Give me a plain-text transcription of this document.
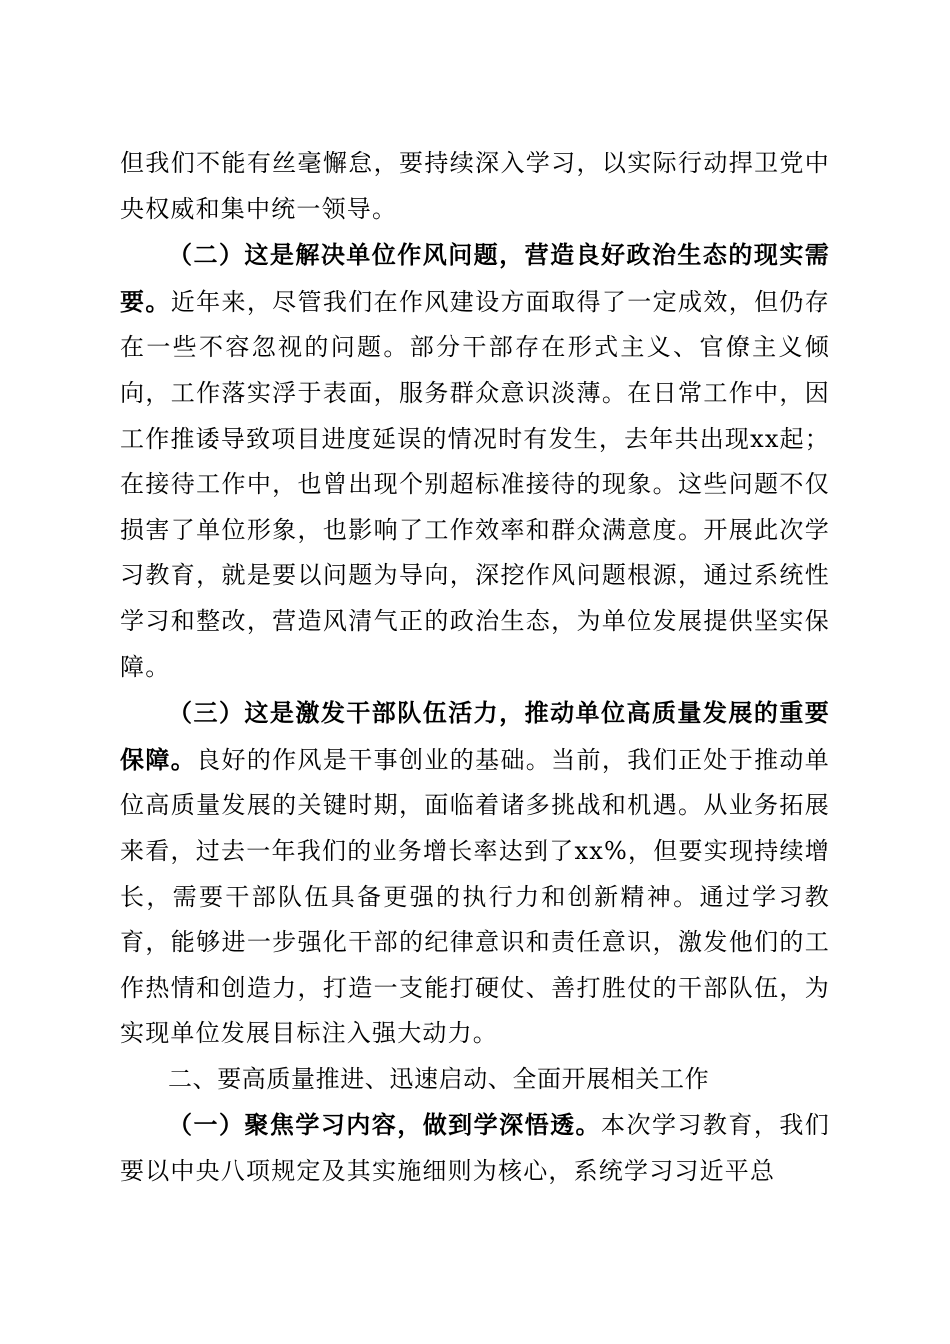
但我们不能有丝毫懈怠，要持续深入学习，以实际行动捍卫党中央权威和集中统一领导。

（二）这是解决单位作风问题，营造良好政治生态的现实需要。近年来，尽管我们在作风建设方面取得了一定成效，但仍存在一些不容忽视的问题。部分干部存在形式主义、官僚主义倾向，工作落实浮于表面，服务群众意识淡薄。在日常工作中，因工作推诿导致项目进度延误的情况时有发生，去年共出现xx起；在接待工作中，也曾出现个别超标准接待的现象。这些问题不仅损害了单位形象，也影响了工作效率和群众满意度。开展此次学习教育，就是要以问题为导向，深挖作风问题根源，通过系统性学习和整改，营造风清气正的政治生态，为单位发展提供坚实保障。

（三）这是激发干部队伍活力，推动单位高质量发展的重要保障。良好的作风是干事创业的基础。当前，我们正处于推动单位高质量发展的关键时期，面临着诸多挑战和机遇。从业务拓展来看，过去一年我们的业务增长率达到了xx%，但要实现持续增长，需要干部队伍具备更强的执行力和创新精神。通过学习教育，能够进一步强化干部的纪律意识和责任意识，激发他们的工作热情和创造力，打造一支能打硬仗、善打胜仗的干部队伍，为实现单位发展目标注入强大动力。

二、要高质量推进、迅速启动、全面开展相关工作

（一）聚焦学习内容，做到学深悟透。本次学习教育，我们要以中央八项规定及其实施细则为核心，系统学习习近平总
